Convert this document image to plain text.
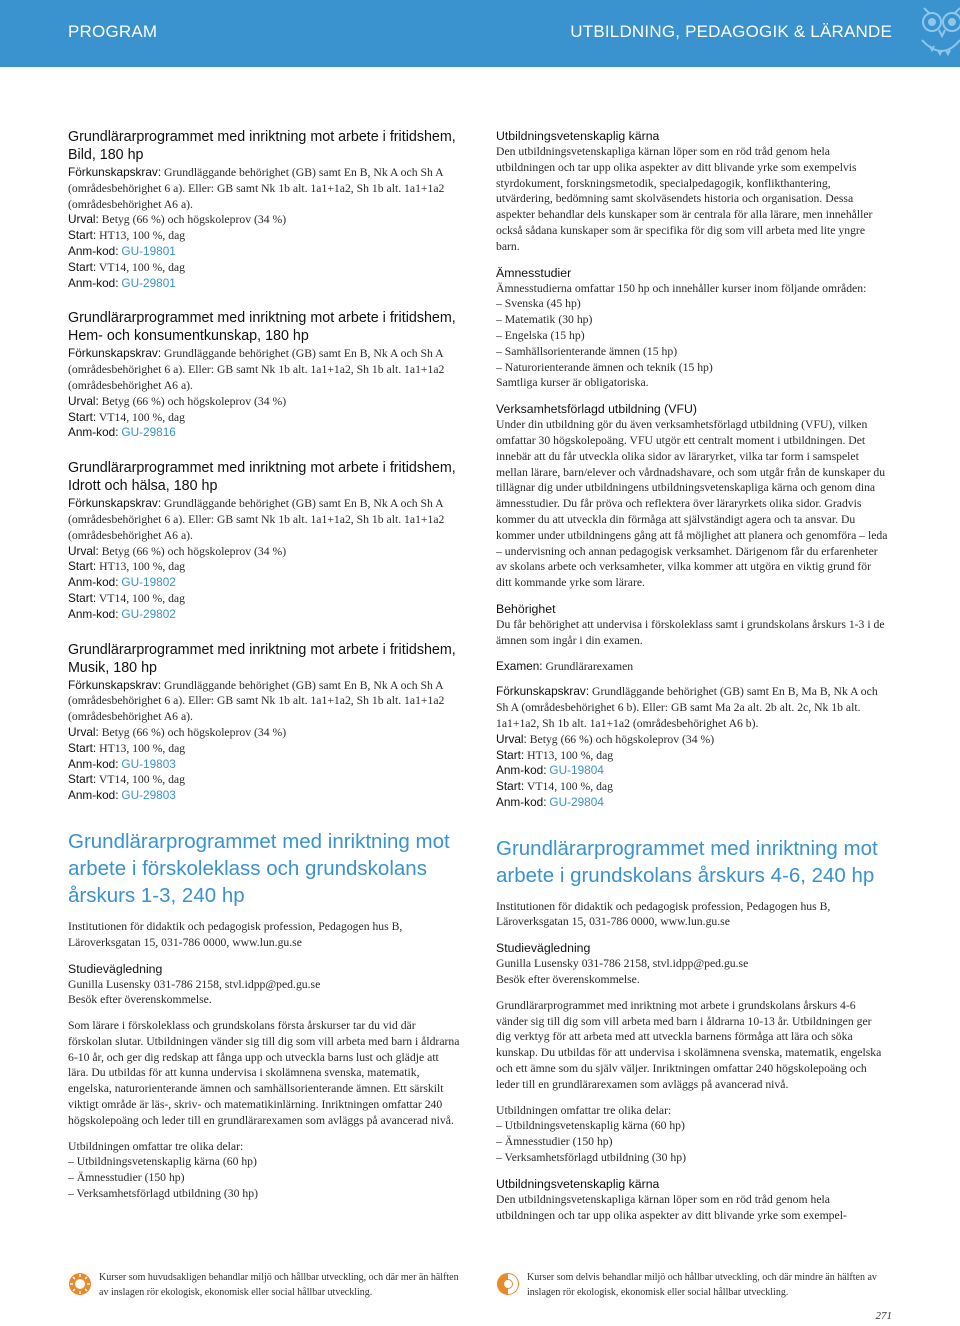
PROGRAM	UTBILDNING, PEDAGOGIK & LÄRANDE
Grundlärarprogrammet med inriktning mot arbete i fritidshem, Bild, 180 hp
Förkunskapskrav: Grundläggande behörighet (GB) samt En B, Nk A och Sh A (områdesbehörighet 6 a). Eller: GB samt Nk 1b alt. 1a1+1a2, Sh 1b alt. 1a1+1a2 (områdesbehörighet A6 a).
Urval: Betyg (66 %) och högskoleprov (34 %)
Start: HT13, 100 %, dag
Anm-kod: GU-19801
Start: VT14, 100 %, dag
Anm-kod: GU-29801
Grundlärarprogrammet med inriktning mot arbete i fritidshem, Hem- och konsumentkunskap, 180 hp
Förkunskapskrav: Grundläggande behörighet (GB) samt En B, Nk A och Sh A (områdesbehörighet 6 a). Eller: GB samt Nk 1b alt. 1a1+1a2, Sh 1b alt. 1a1+1a2 (områdesbehörighet A6 a).
Urval: Betyg (66 %) och högskoleprov (34 %)
Start: VT14, 100 %, dag
Anm-kod: GU-29816
Grundlärarprogrammet med inriktning mot arbete i fritidshem, Idrott och hälsa, 180 hp
Förkunskapskrav: Grundläggande behörighet (GB) samt En B, Nk A och Sh A (områdesbehörighet 6 a). Eller: GB samt Nk 1b alt. 1a1+1a2, Sh 1b alt. 1a1+1a2 (områdesbehörighet A6 a).
Urval: Betyg (66 %) och högskoleprov (34 %)
Start: HT13, 100 %, dag
Anm-kod: GU-19802
Start: VT14, 100 %, dag
Anm-kod: GU-29802
Grundlärarprogrammet med inriktning mot arbete i fritidshem, Musik, 180 hp
Förkunskapskrav: Grundläggande behörighet (GB) samt En B, Nk A och Sh A (områdesbehörighet 6 a). Eller: GB samt Nk 1b alt. 1a1+1a2, Sh 1b alt. 1a1+1a2 (områdesbehörighet A6 a).
Urval: Betyg (66 %) och högskoleprov (34 %)
Start: HT13, 100 %, dag
Anm-kod: GU-19803
Start: VT14, 100 %, dag
Anm-kod: GU-29803
Grundlärarprogrammet med inriktning mot arbete i förskoleklass och grundskolans årskurs 1-3, 240 hp
Institutionen för didaktik och pedagogisk profession, Pedagogen hus B, Läroverksgatan 15, 031-786 0000, www.lun.gu.se
Studievägledning
Gunilla Lusensky 031-786 2158, stvl.idpp@ped.gu.se
Besök efter överenskommelse.
Som lärare i förskoleklass och grundskolans första årskurser tar du vid där förskolan slutar. Utbildningen vänder sig till dig som vill arbeta med barn i åldrarna 6-10 år, och ger dig redskap att fånga upp och utveckla barns lust och glädje att lära. Du utbildas för att kunna undervisa i skolämnena svenska, matematik, engelska, naturorienterande ämnen och samhällsorienterande ämnen. Ett särskilt viktigt område är läs-, skriv- och matematikinlärning. Inriktningen omfattar 240 högskolepoäng och leder till en grundlärarexamen som avläggs på avancerad nivå.
Utbildningen omfattar tre olika delar:
– Utbildningsvetenskaplig kärna (60 hp)
– Ämnesstudier (150 hp)
– Verksamhetsförlagd utbildning (30 hp)
Utbildningsvetenskaplig kärna
Den utbildningsvetenskapliga kärnan löper som en röd tråd genom hela utbildningen och tar upp olika aspekter av ditt blivande yrke som exempelvis styrdokument, forskningsmetodik, specialpedagogik, konflikthantering, utvärdering, bedömning samt skolväsendets historia och organisation. Dessa aspekter behandlar dels kunskaper som är centrala för alla lärare, men innehåller också sådana kunskaper som är specifika för dig som vill arbeta med lite yngre barn.
Ämnesstudier
Ämnesstudierna omfattar 150 hp och innehåller kurser inom följande områden:
– Svenska (45 hp)
– Matematik (30 hp)
– Engelska (15 hp)
– Samhällsorienterande ämnen (15 hp)
– Naturorienterande ämnen och teknik (15 hp)
Samtliga kurser är obligatoriska.
Verksamhetsförlagd utbildning (VFU)
Under din utbildning gör du även verksamhetsförlagd utbildning (VFU), vilken omfattar 30 högskolepoäng. VFU utgör ett centralt moment i utbildningen. Det innebär att du får utveckla olika sidor av läraryrket, vilka tar form i samspelet mellan lärare, barn/elever och vårdnadshavare, och som utgår från de kunskaper du tillägnar dig under utbildningens utbildningsvetenskapliga kärna och genom dina ämnesstudier. Du får pröva och reflektera över läraryrkets olika sidor. Gradvis kommer du att utveckla din förmåga att självständigt agera och ta ansvar. Du kommer under utbildningens gång att få möjlighet att planera och genomföra – leda – undervisning och annan pedagogisk verksamhet. Därigenom får du erfarenheter av skolans arbete och verksamheter, vilka kommer att utgöra en viktig grund för ditt kommande yrke som lärare.
Behörighet
Du får behörighet att undervisa i förskoleklass samt i grundskolans årskurs 1-3 i de ämnen som ingår i din examen.
Examen: Grundlärarexamen
Förkunskapskrav: Grundläggande behörighet (GB) samt En B, Ma B, Nk A och Sh A (områdesbehörighet 6 b). Eller: GB samt Ma 2a alt. 2b alt. 2c, Nk 1b alt. 1a1+1a2, Sh 1b alt. 1a1+1a2 (områdesbehörighet A6 b).
Urval: Betyg (66 %) och högskoleprov (34 %)
Start: HT13, 100 %, dag
Anm-kod: GU-19804
Start: VT14, 100 %, dag
Anm-kod: GU-29804
Grundlärarprogrammet med inriktning mot arbete i grundskolans årskurs 4-6, 240 hp
Institutionen för didaktik och pedagogisk profession, Pedagogen hus B, Läroverksgatan 15, 031-786 0000, www.lun.gu.se
Studievägledning
Gunilla Lusensky 031-786 2158, stvl.idpp@ped.gu.se
Besök efter överenskommelse.
Grundlärarprogrammet med inriktning mot arbete i grundskolans årskurs 4-6 vänder sig till dig som vill arbeta med barn i åldrarna 10-13 år. Utbildningen ger dig verktyg för att arbeta med att utveckla barnens förmåga att lära och söka kunskap. Du utbildas för att undervisa i skolämnena svenska, matematik, engelska och ett ämne som du själv väljer. Inriktningen omfattar 240 högskolepoäng och leder till en grundlärarexamen som avläggs på avancerad nivå.
Utbildningen omfattar tre olika delar:
– Utbildningsvetenskaplig kärna (60 hp)
– Ämnesstudier (150 hp)
– Verksamhetsförlagd utbildning (30 hp)
Utbildningsvetenskaplig kärna
Den utbildningsvetenskapliga kärnan löper som en röd tråd genom hela utbildningen och tar upp olika aspekter av ditt blivande yrke som exempel-
Kurser som huvudsakligen behandlar miljö och hållbar utveckling, och där mer än hälften av inslagen rör ekologisk, ekonomisk eller social hållbar utveckling.
Kurser som delvis behandlar miljö och hållbar utveckling, och där mindre än hälften av inslagen rör ekologisk, ekonomisk eller social hållbar utveckling.
271
